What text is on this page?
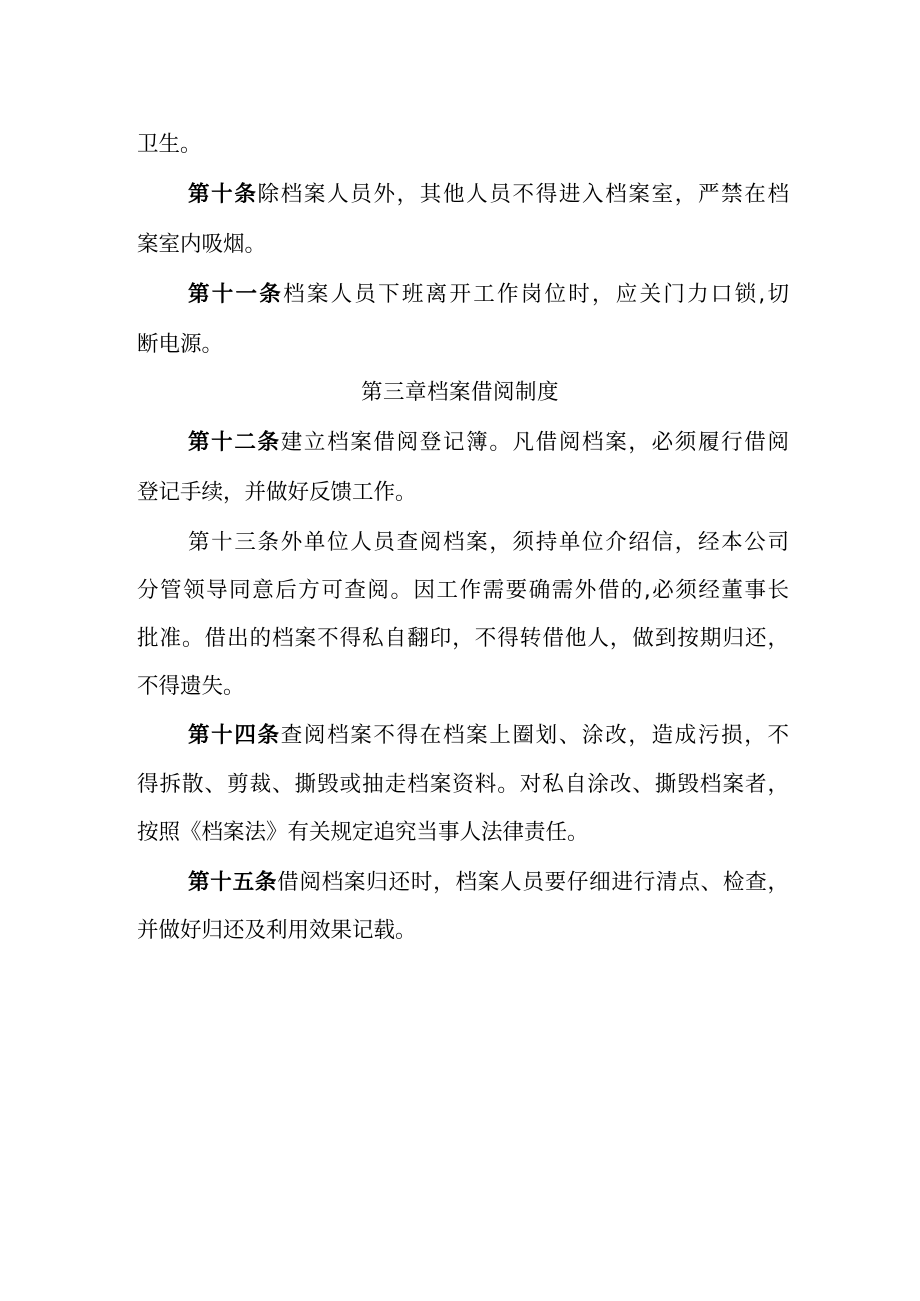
卫生。
第十条除档案人员外，其他人员不得进入档案室，严禁在档
案室内吸烟。
第十一条档案人员下班离开工作岗位时，应关门力口锁,切
断电源。
第三章档案借阅制度
第十二条建立档案借阅登记簿。凡借阅档案，必须履行借阅
登记手续，并做好反馈工作。
第十三条外单位人员查阅档案，须持单位介绍信，经本公司
分管领导同意后方可查阅。因工作需要确需外借的,必须经董事长
批准。借出的档案不得私自翻印，不得转借他人，做到按期归还，
不得遗失。
第十四条查阅档案不得在档案上圈划、涂改，造成污损，不
得拆散、剪裁、撕毁或抽走档案资料。对私自涂改、撕毁档案者，
按照《档案法》有关规定追究当事人法律责任。
第十五条借阅档案归还时，档案人员要仔细进行清点、检查，
并做好归还及利用效果记载。
